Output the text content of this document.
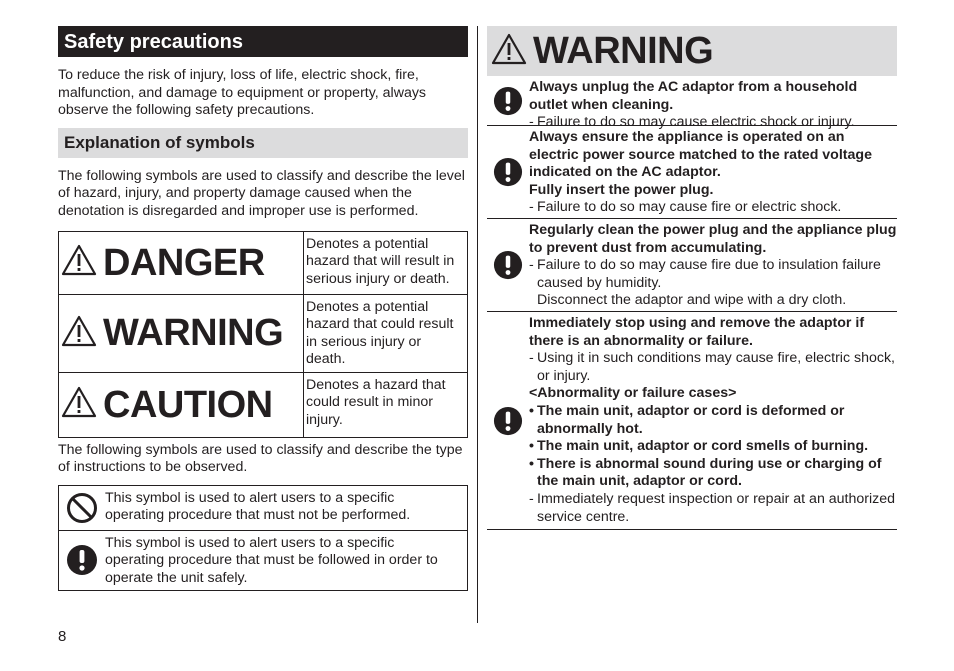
Safety precautions

To reduce the risk of injury, loss of life, electric shock, fire, malfunction, and damage to equipment or property, always observe the following safety precautions.

Explanation of symbols

The following symbols are used to classify and describe the level of hazard, injury, and property damage caused when the denotation is disregarded and improper use is performed.

DANGER	Denotes a potential hazard that will result in serious injury or death.
WARNING
Denotes a potential hazard that could result in serious injury or death.
CAUTION Denotes a hazard that could result in minor injury.

The following symbols are used to classify and describe the type of instructions to be observed.

This symbol is used to alert users to a specific operating procedure that must not be performed.
This symbol is used to alert users to a specific operating procedure that must be followed in order to operate the unit safely.
WARNING
Always unplug the AC adaptor from a household outlet when cleaning.
- Failure to do so may cause electric shock or injury.
Always ensure the appliance is operated on an electric power source matched to the rated voltage indicated on the AC adaptor.
Fully insert the power plug.
- Failure to do so may cause fire or electric shock.
Regularly clean the power plug and the appliance plug to prevent dust from accumulating.
- Failure to do so may cause fire due to insulation failure caused by humidity.
Disconnect the adaptor and wipe with a dry cloth.
Immediately stop using and remove the adaptor if there is an abnormality or failure.
- Using it in such conditions may cause fire, electric shock, or injury.
<Abnormality or failure cases>
• The main unit, adaptor or cord is deformed or abnormally hot.
• The main unit, adaptor or cord smells of burning.
• There is abnormal sound during use or charging of the main unit, adaptor or cord.
- Immediately request inspection or repair at an authorized service centre.
8
